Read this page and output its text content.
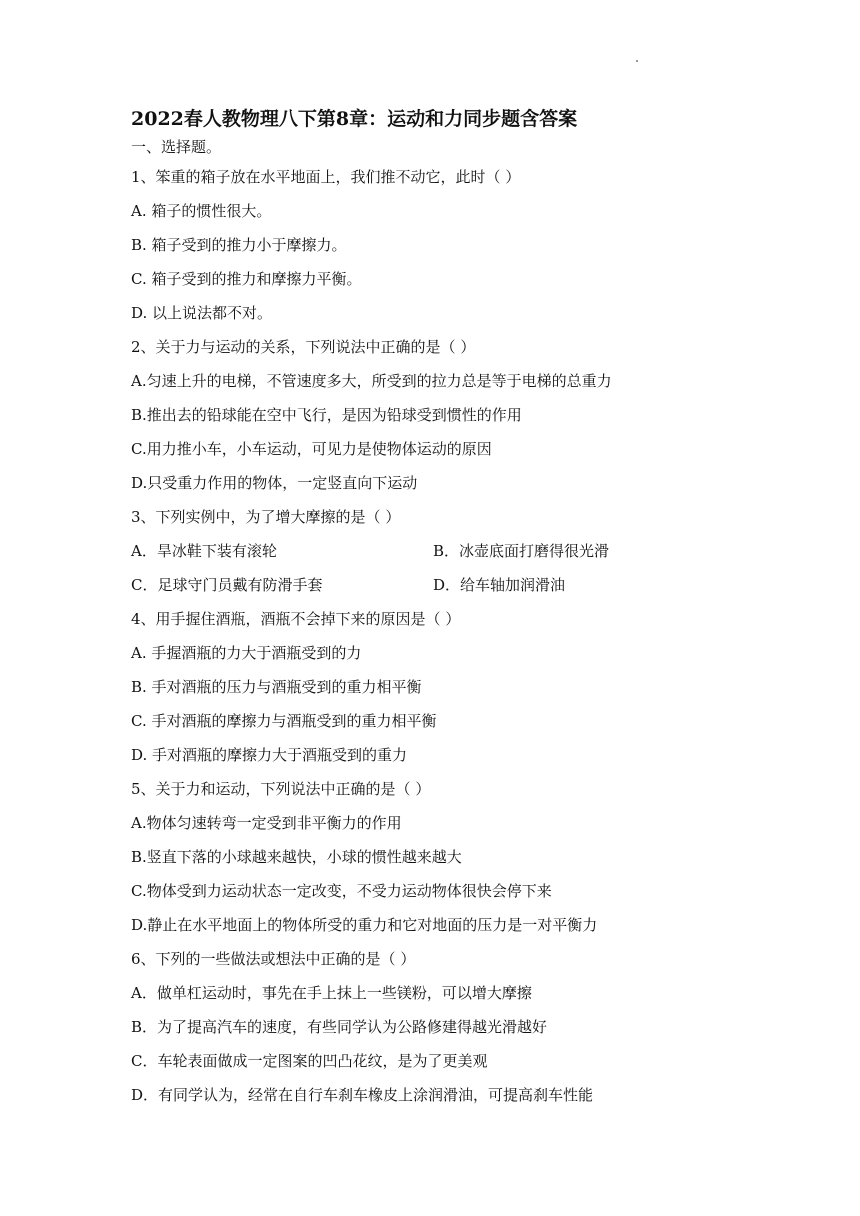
2022春人教物理八下第8章：运动和力同步题含答案
一、选择题。
1、笨重的箱子放在水平地面上，我们推不动它，此时（ ）
A. 箱子的惯性很大。
B. 箱子受到的推力小于摩擦力。
C. 箱子受到的推力和摩擦力平衡。
D. 以上说法都不对。
2、关于力与运动的关系，下列说法中正确的是（ ）
A.匀速上升的电梯，不管速度多大，所受到的拉力总是等于电梯的总重力
B.推出去的铅球能在空中飞行，是因为铅球受到惯性的作用
C.用力推小车，小车运动，可见力是使物体运动的原因
D.只受重力作用的物体，一定竖直向下运动
3、下列实例中，为了增大摩擦的是（ ）
A．旱冰鞋下装有滚轮	B．冰壶底面打磨得很光滑
C．足球守门员戴有防滑手套	D．给车轴加润滑油
4、用手握住酒瓶，酒瓶不会掉下来的原因是（ ）
A. 手握酒瓶的力大于酒瓶受到的力
B. 手对酒瓶的压力与酒瓶受到的重力相平衡
C. 手对酒瓶的摩擦力与酒瓶受到的重力相平衡
D. 手对酒瓶的摩擦力大于酒瓶受到的重力
5、关于力和运动，下列说法中正确的是（ ）
A.物体匀速转弯一定受到非平衡力的作用
B.竖直下落的小球越来越快，小球的惯性越来越大
C.物体受到力运动状态一定改变，不受力运动物体很快会停下来
D.静止在水平地面上的物体所受的重力和它对地面的压力是一对平衡力
6、下列的一些做法或想法中正确的是（ ）
A．做单杠运动时，事先在手上抹上一些镁粉，可以增大摩擦
B．为了提高汽车的速度，有些同学认为公路修建得越光滑越好
C．车轮表面做成一定图案的凹凸花纹，是为了更美观
D．有同学认为，经常在自行车刹车橡皮上涂润滑油，可提高刹车性能
